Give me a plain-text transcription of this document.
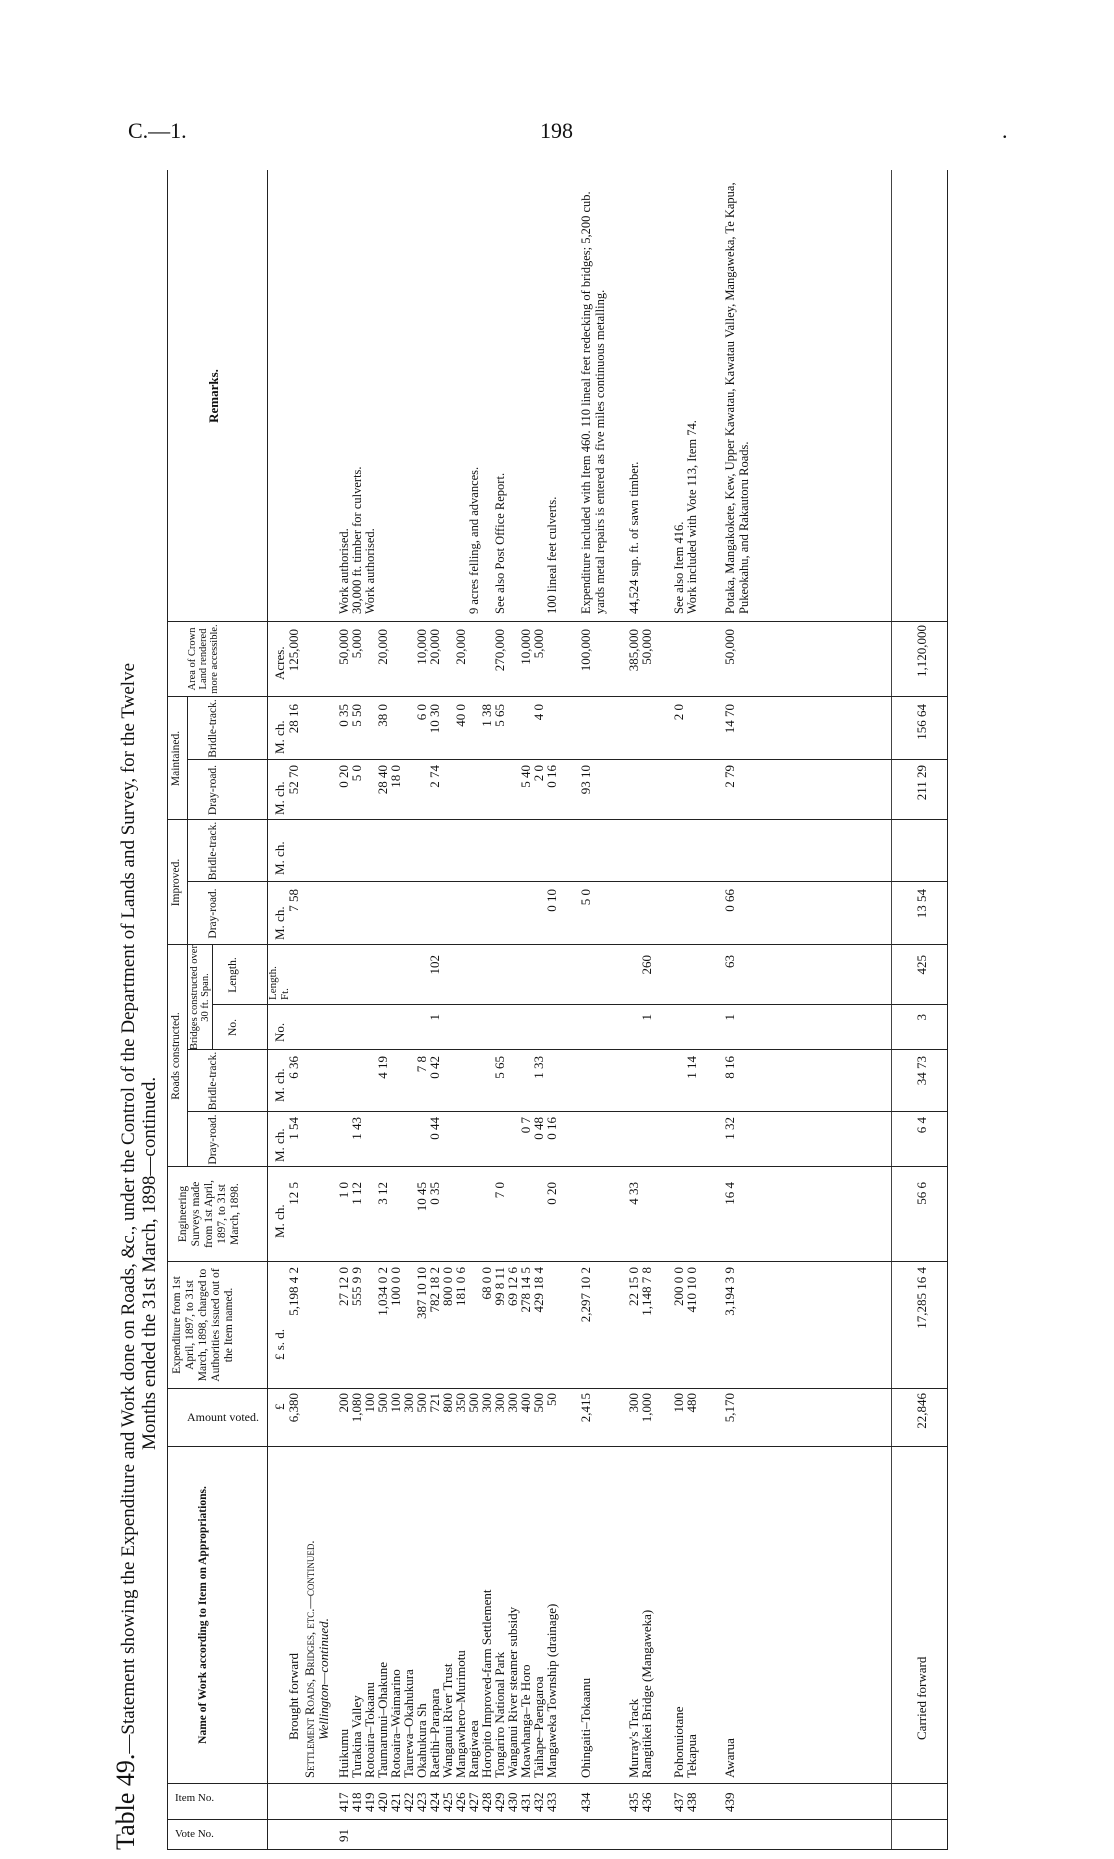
C.—1.	198	.
Table 49.—Statement showing the Expenditure and Work done on Roads, &c., under the Control of the Department of Lands and Survey, for the Twelve
Months ended the 31st March, 1898—continued.
Vote No.
Item No.
Name of Work according to Item on Appropriations.
Amount voted.
Expenditure from 1st April, 1897, to 31st March, 1898, charged to Authorities issued out of the Item named.
Engineering Surveys made from 1st April, 1897, to 31st March, 1898.
Roads constructed.
Dray-road.
Bridle-track.
Bridges constructed over 30 ft. Span.
No.
Length.
Improved.
Dray-road.
Bridle-track.
Maintained.
Dray-road.
Bridle-track.
Area of Crown Land rendered more accessible.
Remarks.
£
£ s. d.
M. ch.
M. ch.
M. ch.
No.
Length.
Ft.
M. ch.
M. ch.
M. ch.
M. ch.
Acres.
Brought forward
6,380
5,198 4 2
12 5
1 54
6 36
7 58
52 70
28 16
125,000
Settlement Roads, Bridges, etc.—continued. Wellington—continued.
91
417
Huikumu
200
27 12 0
1 0
0 20
0 35
50,000
Work authorised.
418
Turakina Valley
1,080
555 9 9
1 12
1 43
5 0
5 50
5,000
30,000 ft. timber for culverts.
419
Rotoaira–Tokaanu
100
Work authorised.
420
Taumarunui–Ohakune
500
1,034 0 2
3 12
4 19
28 40
38 0
20,000
421
Rotoaira–Waimarino
100
100 0 0
18 0
422
Taurewa–Okahukura
300
423
Okahukura Sh
500
387 10 10
10 45
7 8
6 0
10,000
424
Raetihi–Parapara
721
782 18 2
0 35
0 44
0 42
1
102
2 74
10 30
20,000
425
Wanganui River Trust
800
800 0 0
426
Mangawhero–Murimotu
350
181 0 6
40 0
20,000
427
Rangiwaea
500
9 acres felling, and advances.
428
Horopito Improved-farm Settlement
300
68 0 0
1 38
429
Tongariro National Park
300
99 8 11
7 0
5 65
5 65
270,000
See also Post Office Report.
430
Wanganui River steamer subsidy
300
69 12 6
431
Moawhanga–Te Horo
400
278 14 5
0 7
5 40
10,000
432
Taihape–Paengaroa
500
429 18 4
0 48
1 33
2 0
4 0
5,000
433
Mangaweka Township (drainage)
50
0 20
0 16
0 10
0 16
100 lineal feet culverts.
434
Ohingaiti–Tokaanu
2,415
2,297 10 2
5 0
93 10
100,000
Expenditure included with Item 460. 110 lineal feet redecking of bridges; 5,200 cub. yards metal repairs is entered as five miles continuous metalling.
435
Murray's Track
300
22 15 0
4 33
385,000
44,524 sup. ft. of sawn timber.
436
Rangitikei Bridge (Mangaweka)
1,000
1,148 7 8
1
260
50,000
437
Pohonuiotane
100
200 0 0
2 0
See also Item 416.
438
Tekapua
480
410 10 0
1 14
Work included with Vote 113, Item 74.
439
Awarua
5,170
3,194 3 9
16 4
1 32
8 16
1
63
0 66
2 79
14 70
50,000
Potaka, Mangakokete, Kew, Upper Kawatau, Kawatau Valley, Mangaweka, Te Kapua, Pukeokahu, and Rakautoru Roads.
Carried forward
22,846
17,285 16 4
56 6
6 4
34 73
3
425
13 54
211 29
156 64
1,120,000
